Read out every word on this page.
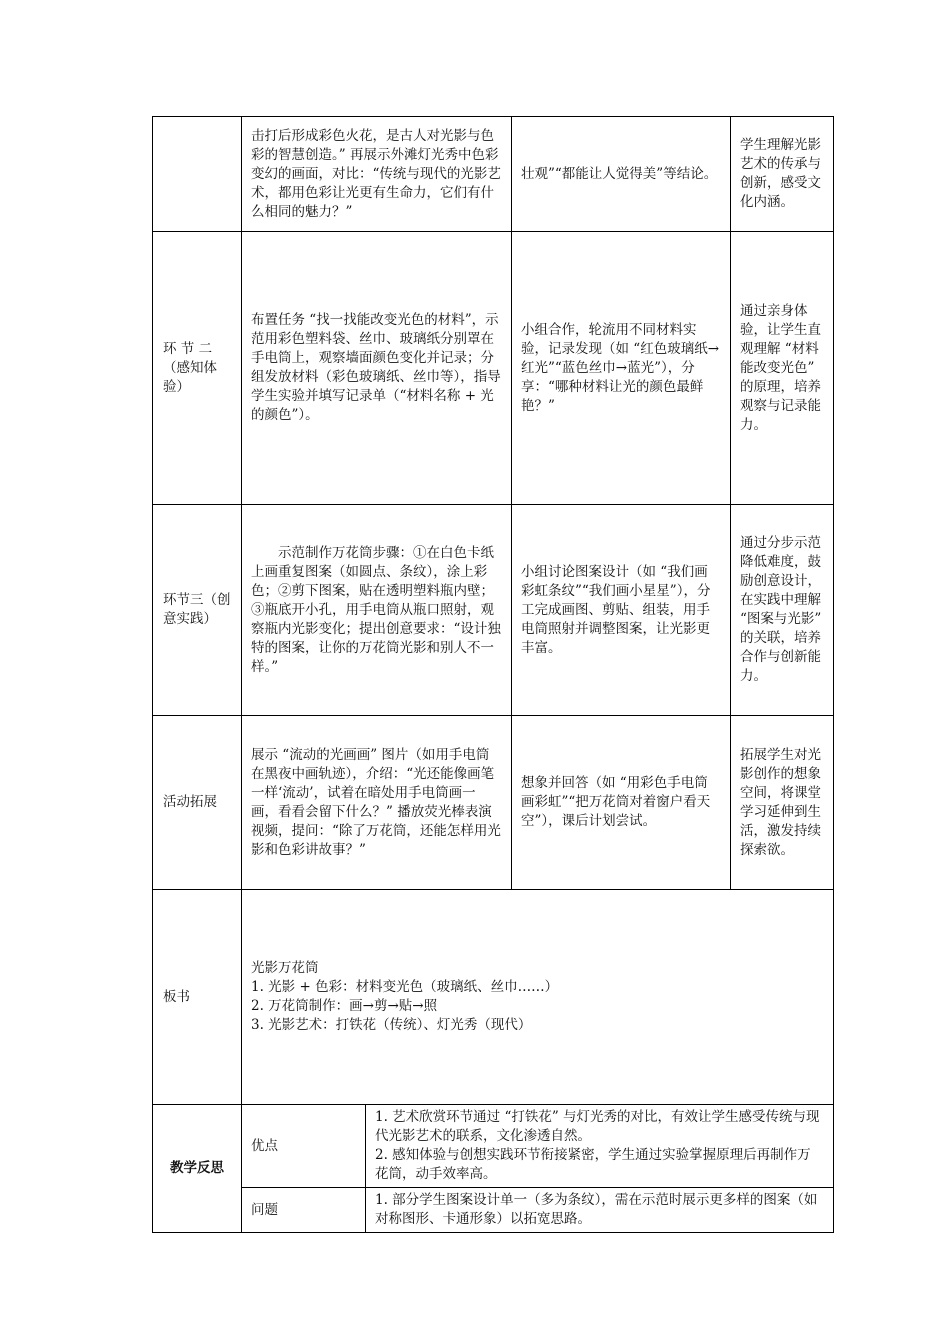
	击打后形成彩色火花，是古人对光影与色彩的智慧创造。” 再展示外滩灯光秀中色彩变幻的画面，对比：“传统与现代的光影艺术，都用色彩让光更有生命力，它们有什么相同的魅力？”		壮观”“都能让人觉得美”等结论。	学生理解光影艺术的传承与创新，感受文化内涵。
环 节 二（感知体验）	布置任务 “找一找能改变光色的材料”，示范用彩色塑料袋、丝巾、玻璃纸分别罩在手电筒上，观察墙面颜色变化并记录；分组发放材料（彩色玻璃纸、丝巾等），指导学生实验并填写记录单（“材料名称 + 光的颜色”）。		小组合作，轮流用不同材料实验，记录发现（如 “红色玻璃纸→红光”“蓝色丝巾→蓝光”），分享：“哪种材料让光的颜色最鲜艳？”	通过亲身体验，让学生直观理解 “材料能改变光色” 的原理，培养观察与记录能力。
环节三（创意实践）	示范制作万花筒步骤：①在白色卡纸上画重复图案（如圆点、条纹），涂上彩色；②剪下图案，贴在透明塑料瓶内壁；③瓶底开小孔，用手电筒从瓶口照射，观察瓶内光影变化；提出创意要求：“设计独特的图案，让你的万花筒光影和别人不一样。”		小组讨论图案设计（如 “我们画彩虹条纹”“我们画小星星”），分工完成画图、剪贴、组装，用手电筒照射并调整图案，让光影更丰富。	通过分步示范降低难度，鼓励创意设计，在实践中理解 “图案与光影” 的关联，培养合作与创新能力。
活动拓展	展示 “流动的光画画” 图片（如用手电筒在黑夜中画轨迹），介绍：“光还能像画笔一样‘流动’，试着在暗处用手电筒画一画，看看会留下什么？” 播放荧光棒表演视频，提问：“除了万花筒，还能怎样用光影和色彩讲故事？”		想象并回答（如 “用彩色手电筒画彩虹”“把万花筒对着窗户看天空”），课后计划尝试。	拓展学生对光影创作的想象空间，将课堂学习延伸到生活，激发持续探索欲。
板书	光影万花筒

1. 光影 + 色彩：材料变光色（玻璃纸、丝巾……）

2. 万花筒制作：画→剪→贴→照

3. 光影艺术：打铁花（传统）、灯光秀（现代）			

教学反思	优点	1. 艺术欣赏环节通过 “打铁花” 与灯光秀的对比，有效让学生感受传统与现代光影艺术的联系，文化渗透自然。
2. 感知体验与创想实践环节衔接紧密，学生通过实验掌握原理后再制作万花筒，动手效率高。		

	问题	1. 部分学生图案设计单一（多为条纹），需在示范时展示更多样的图案（如对称图形、卡通形象）以拓宽思路。		
